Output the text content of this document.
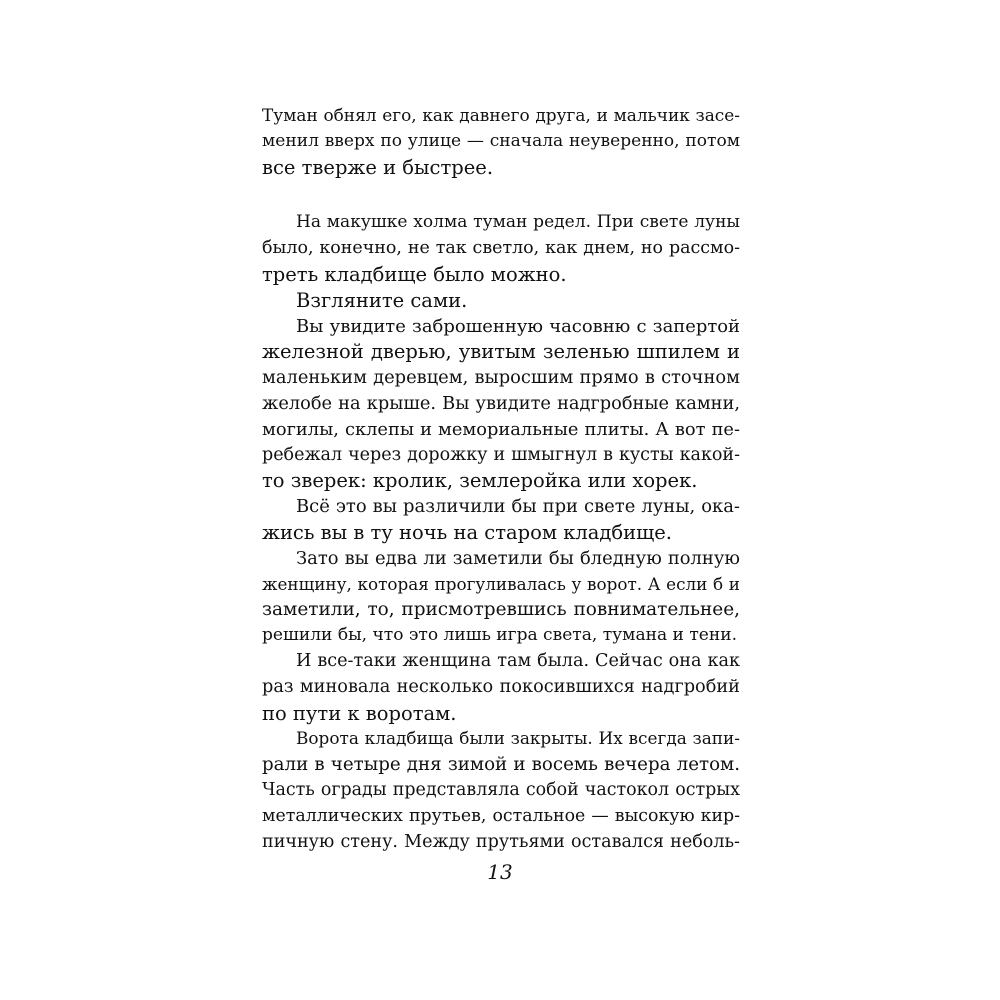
Туман обнял его, как давнего друга, и мальчик засе-
менил вверх по улице — сначала неуверенно, потом
все тверже и быстрее.
На макушке холма туман редел. При свете луны
было, конечно, не так светло, как днем, но рассмо-
треть кладбище было можно.
Взгляните сами.
Вы увидите заброшенную часовню с запертой
железной дверью, увитым зеленью шпилем и
маленьким деревцем, выросшим прямо в сточном
желобе на крыше. Вы увидите надгробные камни,
могилы, склепы и мемориальные плиты. А вот пе-
ребежал через дорожку и шмыгнул в кусты какой-
то зверек: кролик, землеройка или хорек.
Всё это вы различили бы при свете луны, ока-
жись вы в ту ночь на старом кладбище.
Зато вы едва ли заметили бы бледную полную
женщину, которая прогуливалась у ворот. А если б и
заметили, то, присмотревшись повнимательнее,
решили бы, что это лишь игра света, тумана и тени.
И все-таки женщина там была. Сейчас она как
раз миновала несколько покосившихся надгробий
по пути к воротам.
Ворота кладбища были закрыты. Их всегда запи-
рали в четыре дня зимой и восемь вечера летом.
Часть ограды представляла собой частокол острых
металлических прутьев, остальное — высокую кир-
пичную стену. Между прутьями оставался неболь-
13
